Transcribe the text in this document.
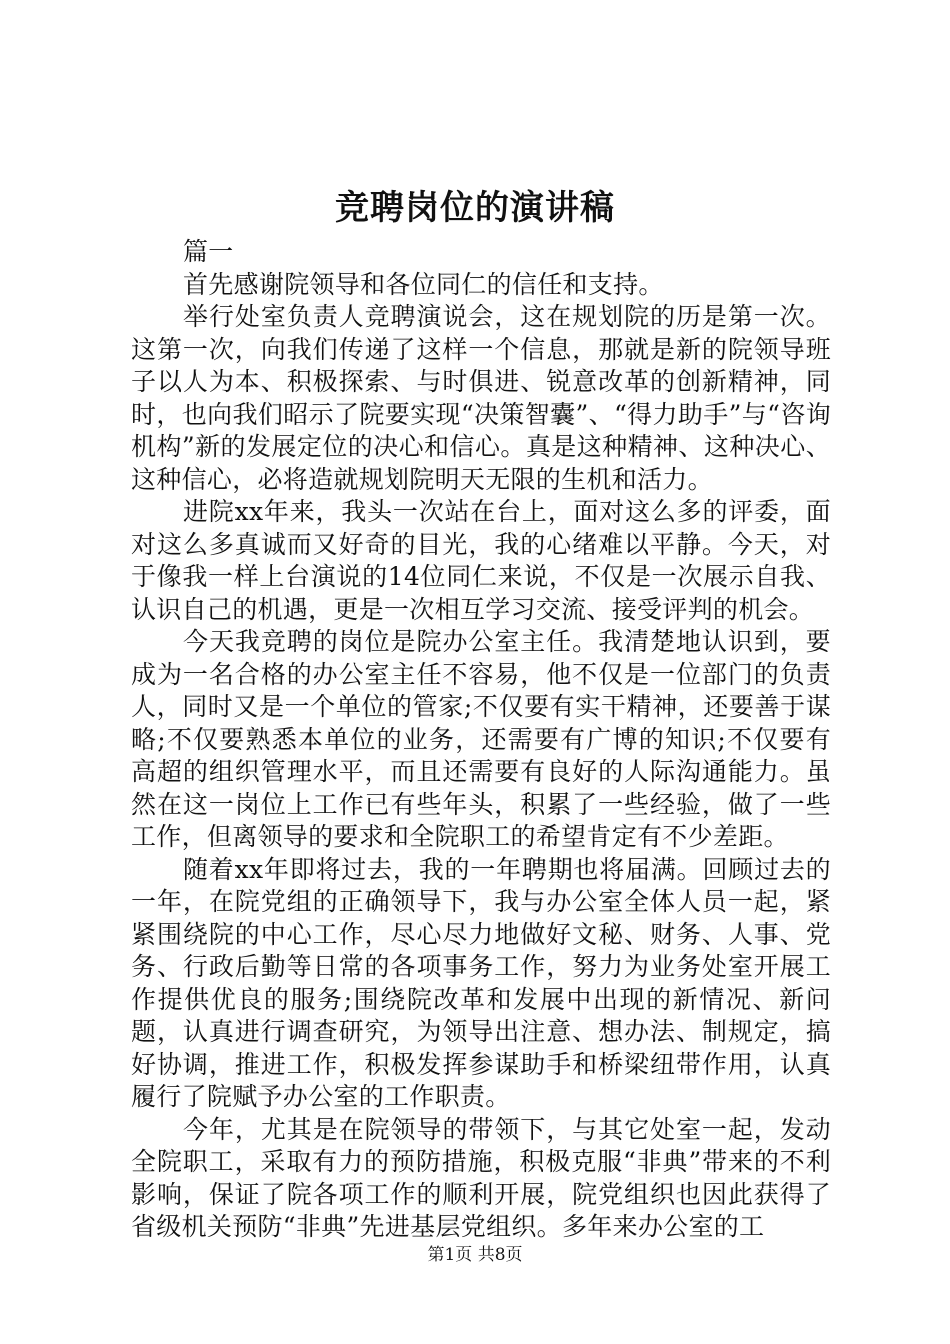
竞聘岗位的演讲稿

篇一

首先感谢院领导和各位同仁的信任和支持。

举行处室负责人竞聘演说会，这在规划院的历是第一次。这第一次，向我们传递了这样一个信息，那就是新的院领导班子以人为本、积极探索、与时俱进、锐意改革的创新精神，同时，也向我们昭示了院要实现“决策智囊”、“得力助手”与“咨询机构”新的发展定位的决心和信心。真是这种精神、这种决心、这种信心，必将造就规划院明天无限的生机和活力。

进院xx年来，我头一次站在台上，面对这么多的评委，面对这么多真诚而又好奇的目光，我的心绪难以平静。今天，对于像我一样上台演说的14位同仁来说，不仅是一次展示自我、认识自己的机遇，更是一次相互学习交流、接受评判的机会。

今天我竞聘的岗位是院办公室主任。我清楚地认识到，要成为一名合格的办公室主任不容易，他不仅是一位部门的负责人，同时又是一个单位的管家;不仅要有实干精神，还要善于谋略;不仅要熟悉本单位的业务，还需要有广博的知识;不仅要有高超的组织管理水平，而且还需要有良好的人际沟通能力。虽然在这一岗位上工作已有些年头，积累了一些经验，做了一些工作，但离领导的要求和全院职工的希望肯定有不少差距。

随着xx年即将过去，我的一年聘期也将届满。回顾过去的一年，在院党组的正确领导下，我与办公室全体人员一起，紧紧围绕院的中心工作，尽心尽力地做好文秘、财务、人事、党务、行政后勤等日常的各项事务工作，努力为业务处室开展工作提供优良的服务;围绕院改革和发展中出现的新情况、新问题，认真进行调查研究，为领导出注意、想办法、制规定，搞好协调，推进工作，积极发挥参谋助手和桥梁纽带作用，认真履行了院赋予办公室的工作职责。

今年，尤其是在院领导的带领下，与其它处室一起，发动全院职工，采取有力的预防措施，积极克服“非典”带来的不利影响，保证了院各项工作的顺利开展，院党组织也因此获得了省级机关预防“非典”先进基层党组织。多年来办公室的工

第1页 共8页
